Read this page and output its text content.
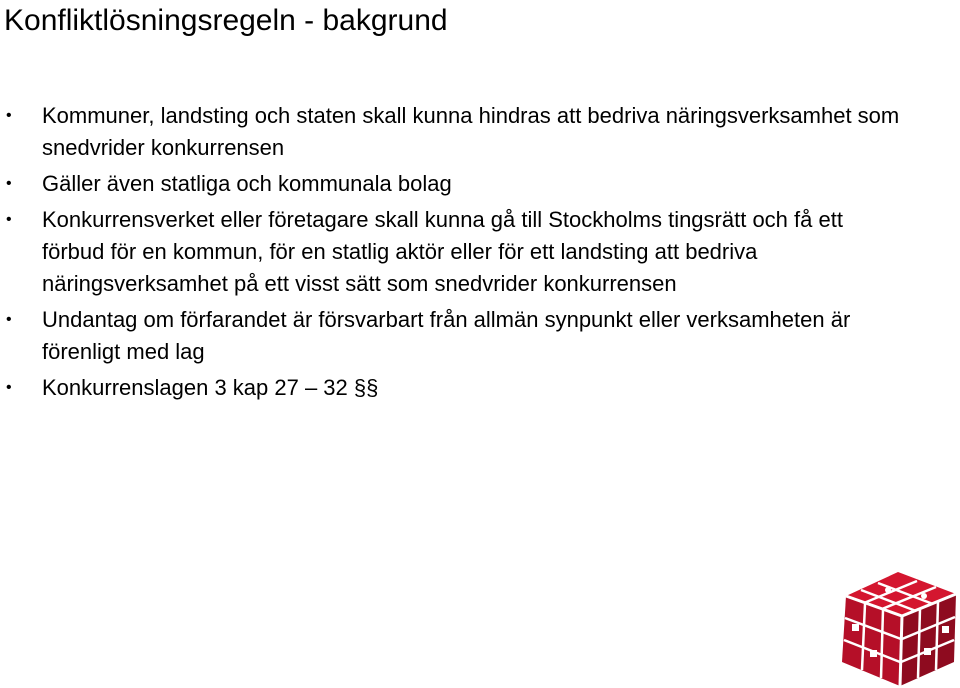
Konfliktlösningsregeln - bakgrund
• Kommuner, landsting och staten skall kunna hindras att bedriva näringsverksamhet som snedvrider konkurrensen
• Gäller även statliga och kommunala bolag
• Konkurrensverket eller företagare skall kunna gå till Stockholms tingsrätt och få ett förbud för en kommun, för en statlig aktör eller för ett landsting att bedriva näringsverksamhet på ett visst sätt som snedvrider konkurrensen
• Undantag om förfarandet är försvarbart från allmän synpunkt eller verksamheten är förenligt med lag
• Konkurrenslagen 3 kap 27 – 32 §§
